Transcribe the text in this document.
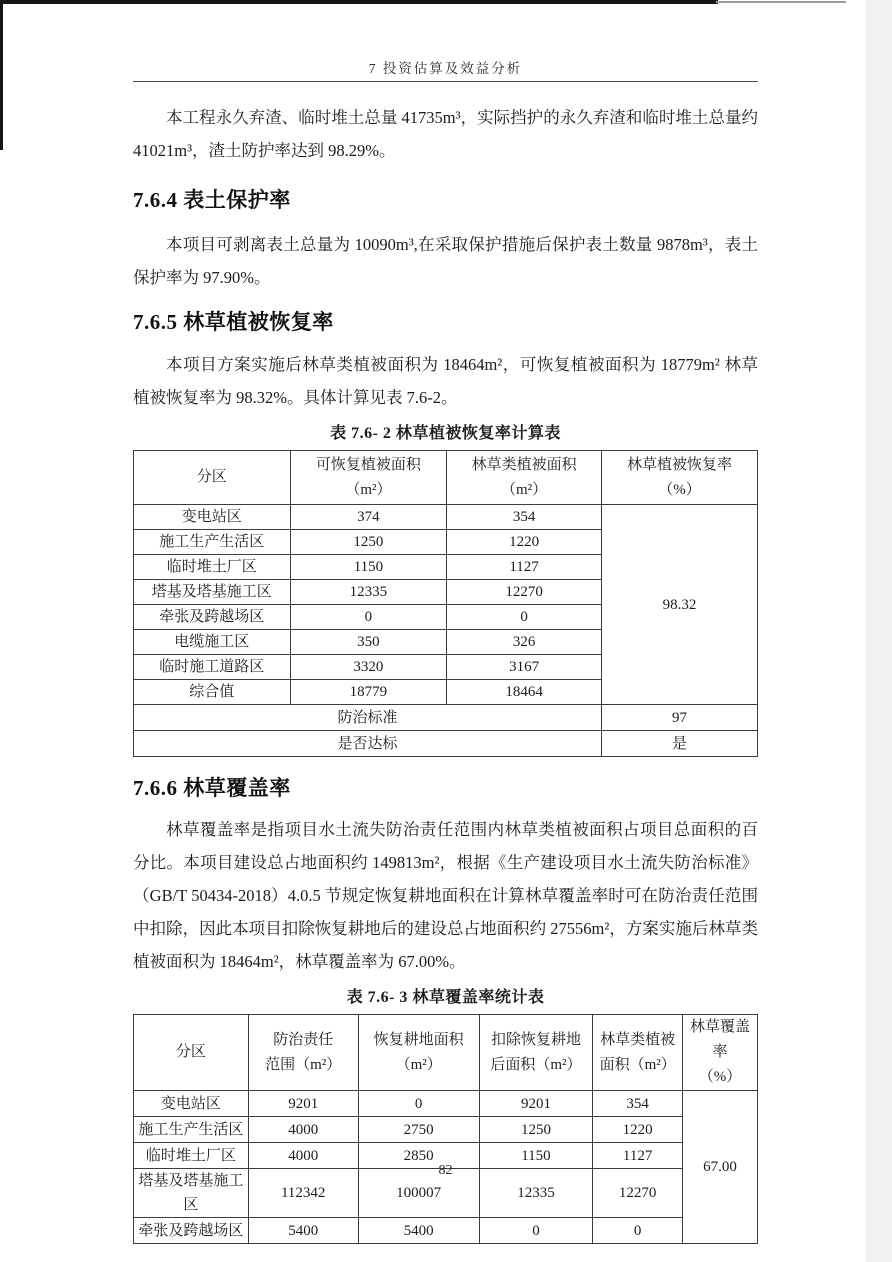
7 投资估算及效益分析

本工程永久弃渣、临时堆土总量 41735m³，实际挡护的永久弃渣和临时堆土总量约 41021m³，渣土防护率达到 98.29%。

7.6.4 表土保护率

本项目可剥离表土总量为 10090m³,在采取保护措施后保护表土数量 9878m³，表土保护率为 97.90%。

7.6.5 林草植被恢复率

本项目方案实施后林草类植被面积为 18464m²，可恢复植被面积为 18779m² 林草植被恢复率为 98.32%。具体计算见表 7.6-2。

表 7.6- 2 林草植被恢复率计算表
分区

可恢复植被面积
（m²）

林草类植被面积
（m²）

林草植被恢复率
（%）

变电站区	374	354	98.32
施工生产生活区	1250	1220	
临时堆土厂区	1150	1127	
塔基及塔基施工区	12335	12270	
牵张及跨越场区	0	0	
电缆施工区	350	326	
临时施工道路区	3320	3167	
综合值	18779	18464	
防治标准			97
是否达标			是
7.6.6 林草覆盖率

林草覆盖率是指项目水土流失防治责任范围内林草类植被面积占项目总面积的百分比。本项目建设总占地面积约 149813m²，根据《生产建设项目水土流失防治标准》（GB/T 50434-2018）4.0.5 节规定恢复耕地面积在计算林草覆盖率时可在防治责任范围中扣除，因此本项目扣除恢复耕地后的建设总占地面积约 27556m²，方案实施后林草类植被面积为 18464m²，林草覆盖率为 67.00%。

表 7.6- 3 林草覆盖率统计表
分区

防治责任
范围（m²）

恢复耕地面积
（m²）

扣除恢复耕地
后面积（m²）

林草类植被
面积（m²）

林草覆盖率
（%）

变电站区	9201	0	9201	354	67.00
施工生产生活区	4000	2750	1250	1220	
临时堆土厂区	4000	2850	1150	1127	
塔基及塔基施工区	112342	100007	12335	12270	
牵张及跨越场区	5400	5400	0	0	
82
